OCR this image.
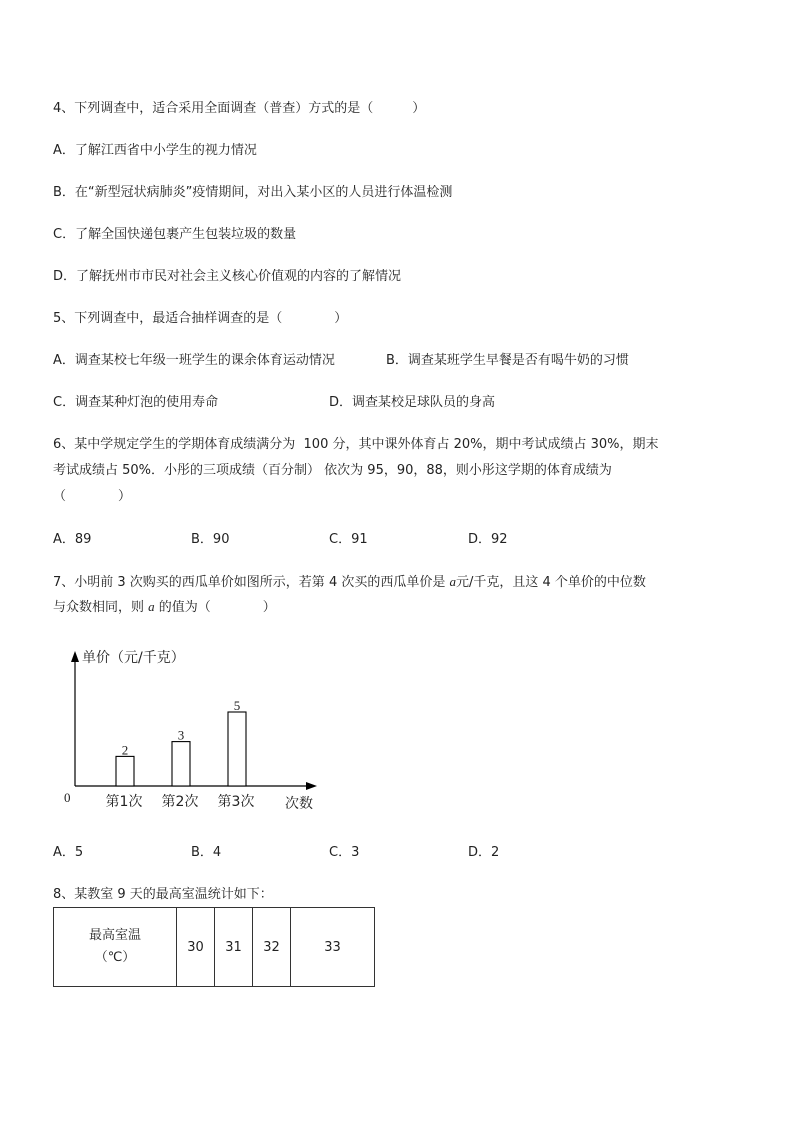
4、下列调查中，适合采用全面调查（普查）方式的是（　　　）
A．了解江西省中小学生的视力情况
B．在“新型冠状病肺炎”疫情期间，对出入某小区的人员进行体温检测
C．了解全国快递包裹产生包装垃圾的数量
D．了解抚州市市民对社会主义核心价值观的内容的了解情况
5、下列调查中，最适合抽样调查的是（　　　　）
A．调查某校七年级一班学生的课余体育运动情况	B．调查某班学生早餐是否有喝牛奶的习惯
C．调查某种灯泡的使用寿命	D．调查某校足球队员的身高
6、某中学规定学生的学期体育成绩满分为  100 分，其中课外体育占 20%，期中考试成绩占 30%，期末
考试成绩占 50%．小彤的三项成绩（百分制） 依次为 95，90，88，则小彤这学期的体育成绩为
（　　　　）
A．89	B．90	C．91	D．92
7、小明前 3 次购买的西瓜单价如图所示，若第 4 次买的西瓜单价是 a元/千克，且这 4 个单价的中位数
与众数相同，则 a 的值为（　　　　）
单价（元/千克）
次数
0
2
第1次
3
第2次
5
第3次
A．5	B．4	C．3	D．2
8、某教室 9 天的最高室温统计如下：
最高室温
（℃）
	30	31	32	33
